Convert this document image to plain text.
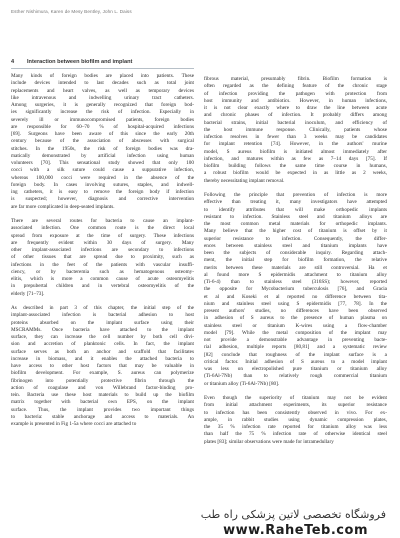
Esther Nishimura, Karen de Mesy Bentley, John L. Daiss
4 Interaction between biofilm and implant
Many kinds of foreign bodies are placed into patients. These
include devices intended to last decades such as total joint
replacements and heart valves, as well as temporary devices
like intravenous and indwelling urinary tract catheters.
Among surgeries, it is generally recognized that foreign bod-
ies significantly increase the risk of infection. Especially in
severely ill or immunocompromised patients, foreign bodies
are responsible for 60–70 % of hospital-acquired infections
[69]. Surgeons have been aware of this since the early 20th
century because of the association of abscesses with surgical
stitches. In the 1950s, the risk of foreign bodies was dra-
matically demonstrated by artificial infection using human
volunteers [70]. This sensational study showed that only 100
cocci with a silk suture could cause a suppurative infection,
whereas 100,000 cocci were required in the absence of the
foreign body. In cases involving sutures, staples, and indwell-
ing catheters, it is easy to remove the foreign body if infection
is suspected; however, diagnosis and corrective intervention
are far more complicated in deep-seated implants.
There are several routes for bacteria to cause an implant-
associated infection. One common route is the direct local
spread from exposure at the time of surgery. These infections
are frequently evident within 30 days of surgery. Many
other implant-associated infections are secondary to infections
of other tissues that are spread due to proximity, such as
infections in the feet of the patients with vascular insuffi-
ciency, or by bacteremia such as hematogenous osteomy-
elitis, which is more a common cause of acute osteomyelitis
in prepubertal children and in vertebral osteomyelitis of the
elderly [71–73].
As described in part 3 of this chapter, the initial step of the
implant-associated infection is bacterial adhesion to host
proteins absorbed on the implant surface using their
MSCRAMMs. Once bacteria have attached to the implant
surface, they can increase the cell number by both cell divi-
sion and accretion of planktonic cells. In fact, the implant
surface serves as both an anchor and scaffold that facilitates
increase in biomass, and it enables the attached bacteria to
have access to other host factors that may be valuable in
biofilm development. For example, S. aureus can polymerize
fibrinogen into potentially protective fibrin through the
action of coagulase and von Willebrand factor-binding pro-
tein. Bacteria use these host materials to build up the biofilm
matrix together with bacterial own EPS, on the implant
surface. Thus, the implant provides two important things
to bacteria: stable anchorage and access to materials. An
example is presented in Fig 1-5a where cocci are attached to
fibrous material, presumably fibrin. Biofilm formation is
often regarded as the defining feature of the chronic stage
of infection providing the pathogen with protection from
host immunity and antibiotics. However, in human infections,
it is not clear exactly where to draw the line between acute
and chronic phases of infection. It probably differs among
bacterial strains, initial bacterial inoculum, and efficiency of
the host immune response. Clinically, patients whose
infection resolves in fewer than 3 weeks may be candidates
for implant retention [74]. However, in the authors' murine
model, S aureus biofilm is initiated almost immediately after
infection, and matures within as few as 7–14 days [75]. If
biofilm building follows the same time course in humans,
a robust biofilm would be expected in as little as 2 weeks,
thereby necessitating implant removal.
Following the principle that prevention of infection is more
effective than treating it, many investigators have attempted
to identify attributes that will make orthopedic implants
resistant to infection. Stainless steel and titanium alloys are
the most common metal materials for orthopedic implants.
Many believe that the higher cost of titanium is offset by it
superior resistance to infection. Consequently, the differ-
ences between stainless steel and titanium implants have
been the subjects of considerable inquiry. Regarding attach-
ment, the initial step for biofilm formation, the relative
merits between these materials are still controversial. Ha et
al found more S epidermidis attachment to titanium alloy
(Ti-6-4) than to stainless steel (316SS); however, reported
the opposite for Mycobacterium tuberculosis [76], and Gracia
et al and Koseki et al reported no difference between tita-
nium and stainless steel using S epidermidis [77, 78]. In the
present authors' studies, no differences have been observed
in adhesion of S aureus to the presence of human plasma on
stainless steel or titanium K-wires using a flow-chamber
model [79]. While the metal composition of the implant may
not provide a demonstrable advantage in preventing bacte-
rial adhesion, multiple reports [80,81] and a systematic review
[82] conclude that roughness of the implant surface is a
critical factor. Initial adhesion of S aureus to a model implant
was less on electropolished pure titanium or titanium alloy
(Ti-6Al-7Nb) than to relatively rough commercial titanium
or titanium alloy (Ti-6Al-7Nb) [80].
Even though the superiority of titanium may not be evident
from initial attachment experiments, its superior resistance
to infection has been consistently observed in vivo. For ex-
ample, in rabbit studies using dynamic compression plates,
the 35 % infection rate reported for titanium alloy was less
than half the 75 % infection rate of otherwise identical steel
plates [83]; similar observations were made for intramedullary
فروشگاه تخصصی لاتین پزشکی راه طب
www.RaheTeb.com
